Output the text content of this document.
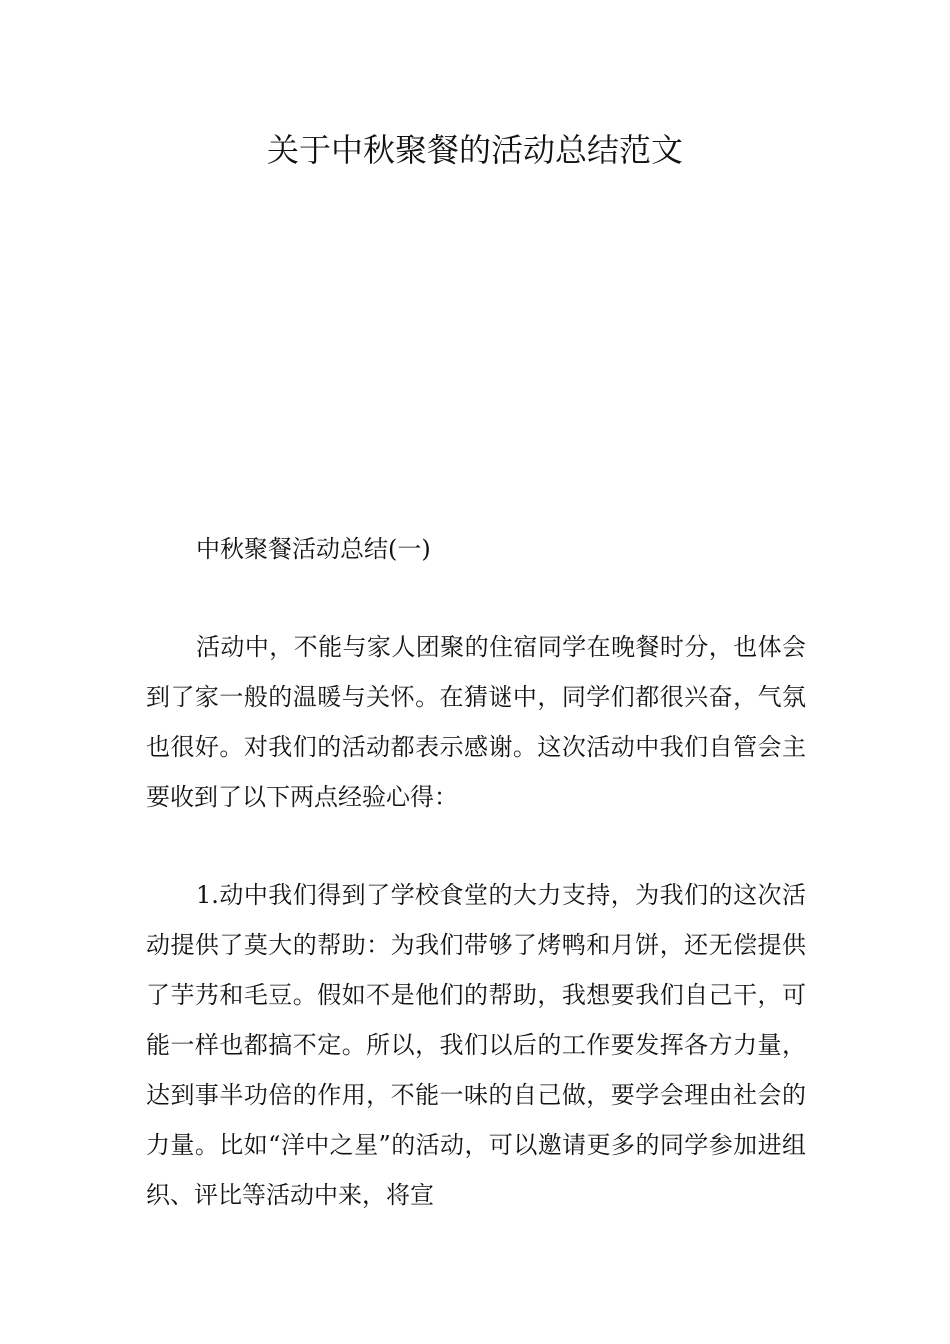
关于中秋聚餐的活动总结范文

中秋聚餐活动总结(一)

活动中，不能与家人团聚的住宿同学在晚餐时分，也体会到了家一般的温暖与关怀。在猜谜中，同学们都很兴奋，气氛也很好。对我们的活动都表示感谢。这次活动中我们自管会主要收到了以下两点经验心得：

1.动中我们得到了学校食堂的大力支持，为我们的这次活动提供了莫大的帮助：为我们带够了烤鸭和月饼，还无偿提供了芋艿和毛豆。假如不是他们的帮助，我想要我们自己干，可能一样也都搞不定。所以，我们以后的工作要发挥各方力量，达到事半功倍的作用，不能一味的自己做，要学会理由社会的力量。比如“洋中之星”的活动，可以邀请更多的同学参加进组织、评比等活动中来，将宣
